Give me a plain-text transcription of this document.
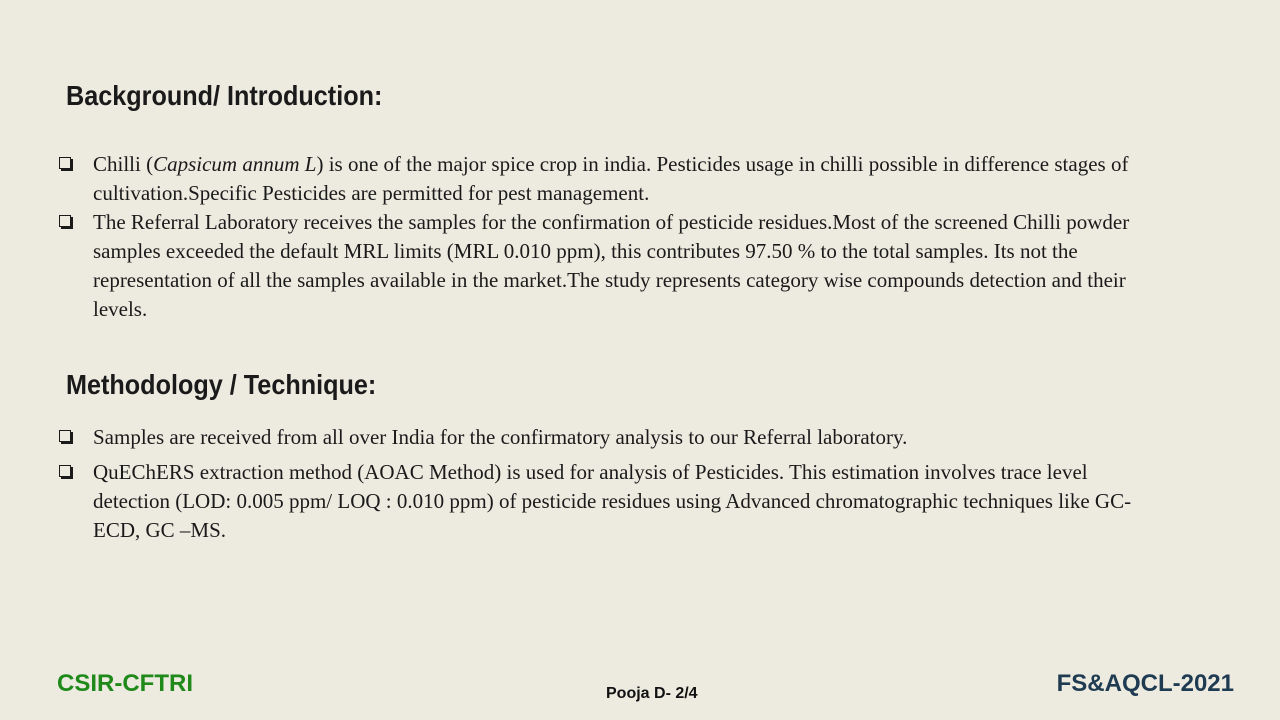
Background/ Introduction:
Chilli (Capsicum annum L) is one of the major spice crop in india. Pesticides usage in chilli possible in difference stages of cultivation.Specific Pesticides are permitted for pest management.
The Referral Laboratory receives the samples for the confirmation of pesticide residues.Most of the screened Chilli powder samples exceeded the default MRL limits (MRL 0.010 ppm), this contributes 97.50 % to the total samples. Its not the representation of all the samples available in the market.The study represents category wise compounds detection and their levels.
Methodology / Technique:
Samples are received from all over India for the confirmatory analysis to our Referral laboratory.
QuEChERS extraction method (AOAC Method) is used for analysis of Pesticides. This estimation involves trace level detection (LOD: 0.005 ppm/ LOQ : 0.010 ppm) of pesticide residues using Advanced chromatographic techniques like GC-ECD, GC –MS.
CSIR-CFTRI	Pooja D- 2/4	FS&AQCL-2021
